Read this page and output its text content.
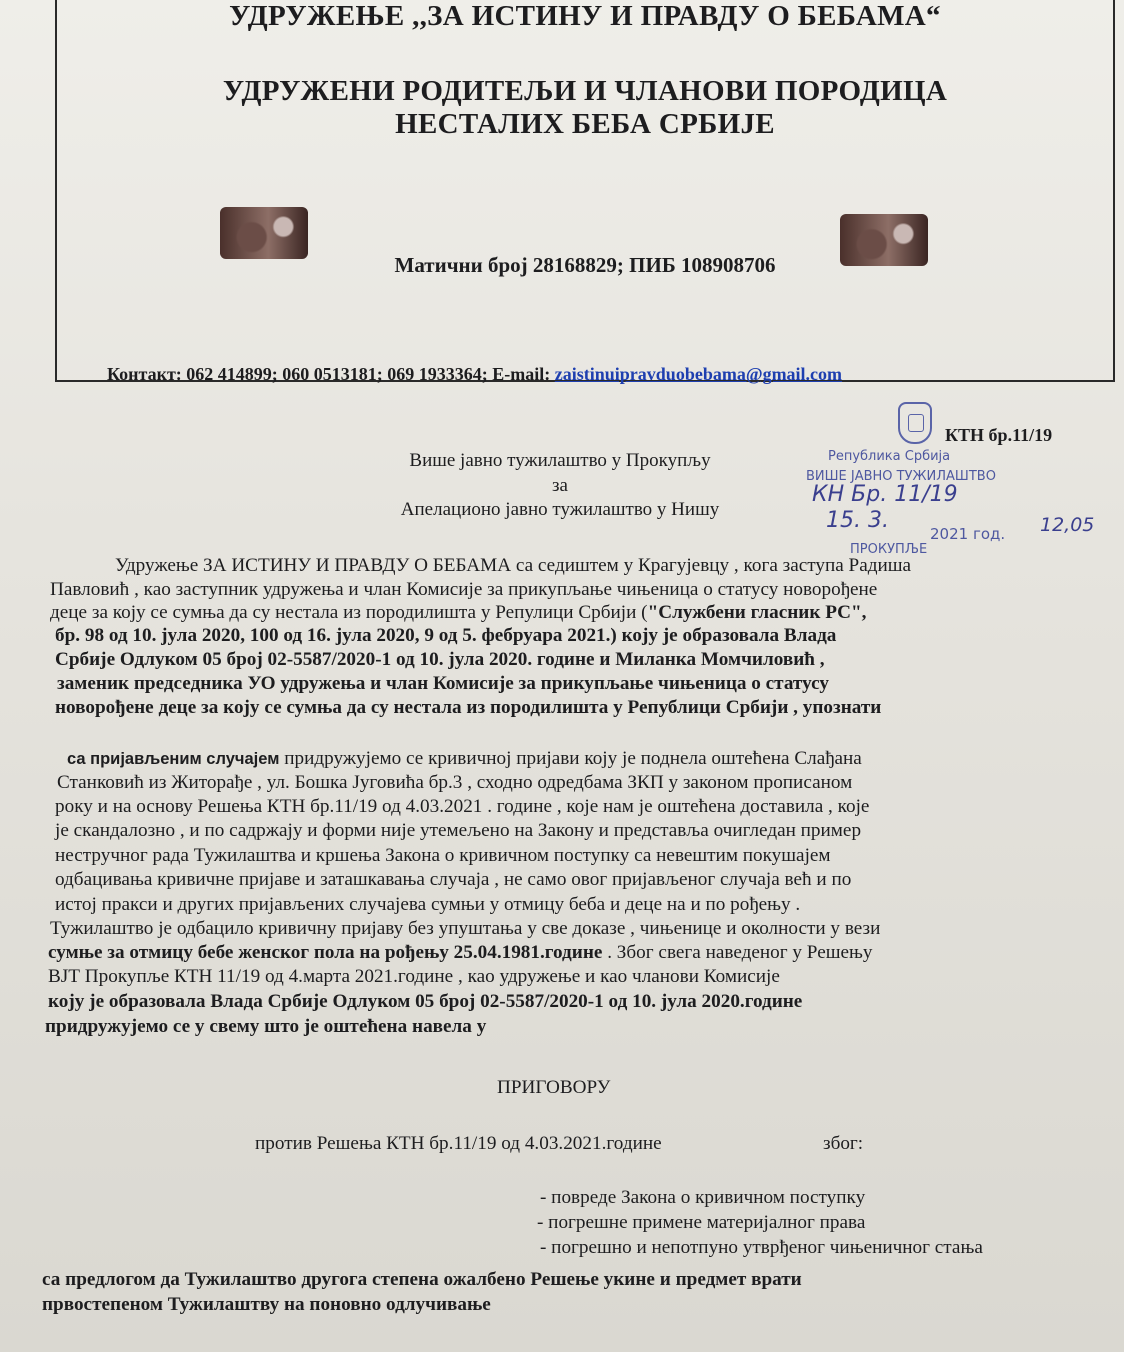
УДРУЖЕЊЕ ,,ЗА ИСТИНУ И ПРАВДУ О БЕБАМА“
УДРУЖЕНИ РОДИТЕЉИ И ЧЛАНОВИ ПОРОДИЦА
НЕСТАЛИХ БЕБА СРБИЈЕ
Матични број 28168829; ПИБ 108908706
Контакт: 062 414899; 060 0513181; 069 1933364; E-mail: zaistinuipravduobebama@gmail.com
КТН бр.11/19
Република Србија
ВИШЕ ЈАВНО ТУЖИЛАШТВО
КН Бр. 11/19
15. 3.
2021 год. 12,05
ПРОКУПЉЕ
Више јавно тужилаштво у Прокупљу
за
Апелационо јавно тужилаштво у Нишу
Удружење ЗА ИСТИНУ И ПРАВДУ О БЕБАМА са седиштем у Крагујевцу , кога заступа Радиша
Павловић , као заступник удружења и члан Комисије за прикупљање чињеница о статусу новорођене
деце за коју се сумња да су нестала из породилишта у Репулици Србији ("Службени гласник РС",
бр. 98 од 10. јула 2020, 100 од 16. јула 2020, 9 од 5. фебруара 2021.) коју је образовала Влада
Србије Одлуком 05 број 02-5587/2020-1 од 10. јула 2020. године и Миланка Момчиловић ,
заменик председника УО удружења и члан Комисије за прикупљање чињеница о статусу
новорођене деце за коју се сумња да су нестала из породилишта у Републици Србији , упознати
са пријављеним случајем придружујемо се кривичној пријави коју је поднела оштећена Слађана
Станковић из Житорађе , ул. Бошка Југовића бр.3 , сходно одредбама ЗКП у законом прописаном
року и на основу Решења КТН бр.11/19 од 4.03.2021 . године , које нам је оштећена доставила , које
је скандалозно , и по садржају и форми није утемељено на Закону и представља очигледан пример
нестручног рада Тужилаштва и кршења Закона о кривичном поступку са невештим покушајем
одбацивања кривичне пријаве и заташкавања случаја , не само овог пријављеног случаја већ и по
истој пракси и других пријављених случајева сумњи у отмицу беба и деце на и по рођењу .
Тужилаштво је одбацило кривичну пријаву без упуштања у све доказе , чињенице и околности у вези
сумње за отмицу бебе женског пола на рођењу 25.04.1981.године . Због свега наведеног у Решењу
ВЈТ Прокупље КТН 11/19 од 4.марта 2021.године , као удружење и као чланови Комисије
коју је образовала Влада Србије Одлуком 05 број 02-5587/2020-1 од 10. јула 2020.године
придружујемо се у свему што је оштећена навела у
ПРИГОВОРУ
против Решења КТН бр.11/19 од 4.03.2021.године	због:
- повреде Закона о кривичном поступку
- погрешне примене материјалног права
- погрешно и непотпуно утврђеног чињеничног стања
са предлогом да Тужилаштво другога степена ожалбено Решење укине и предмет врати
првостепеном Тужилаштву на поновно одлучивање
